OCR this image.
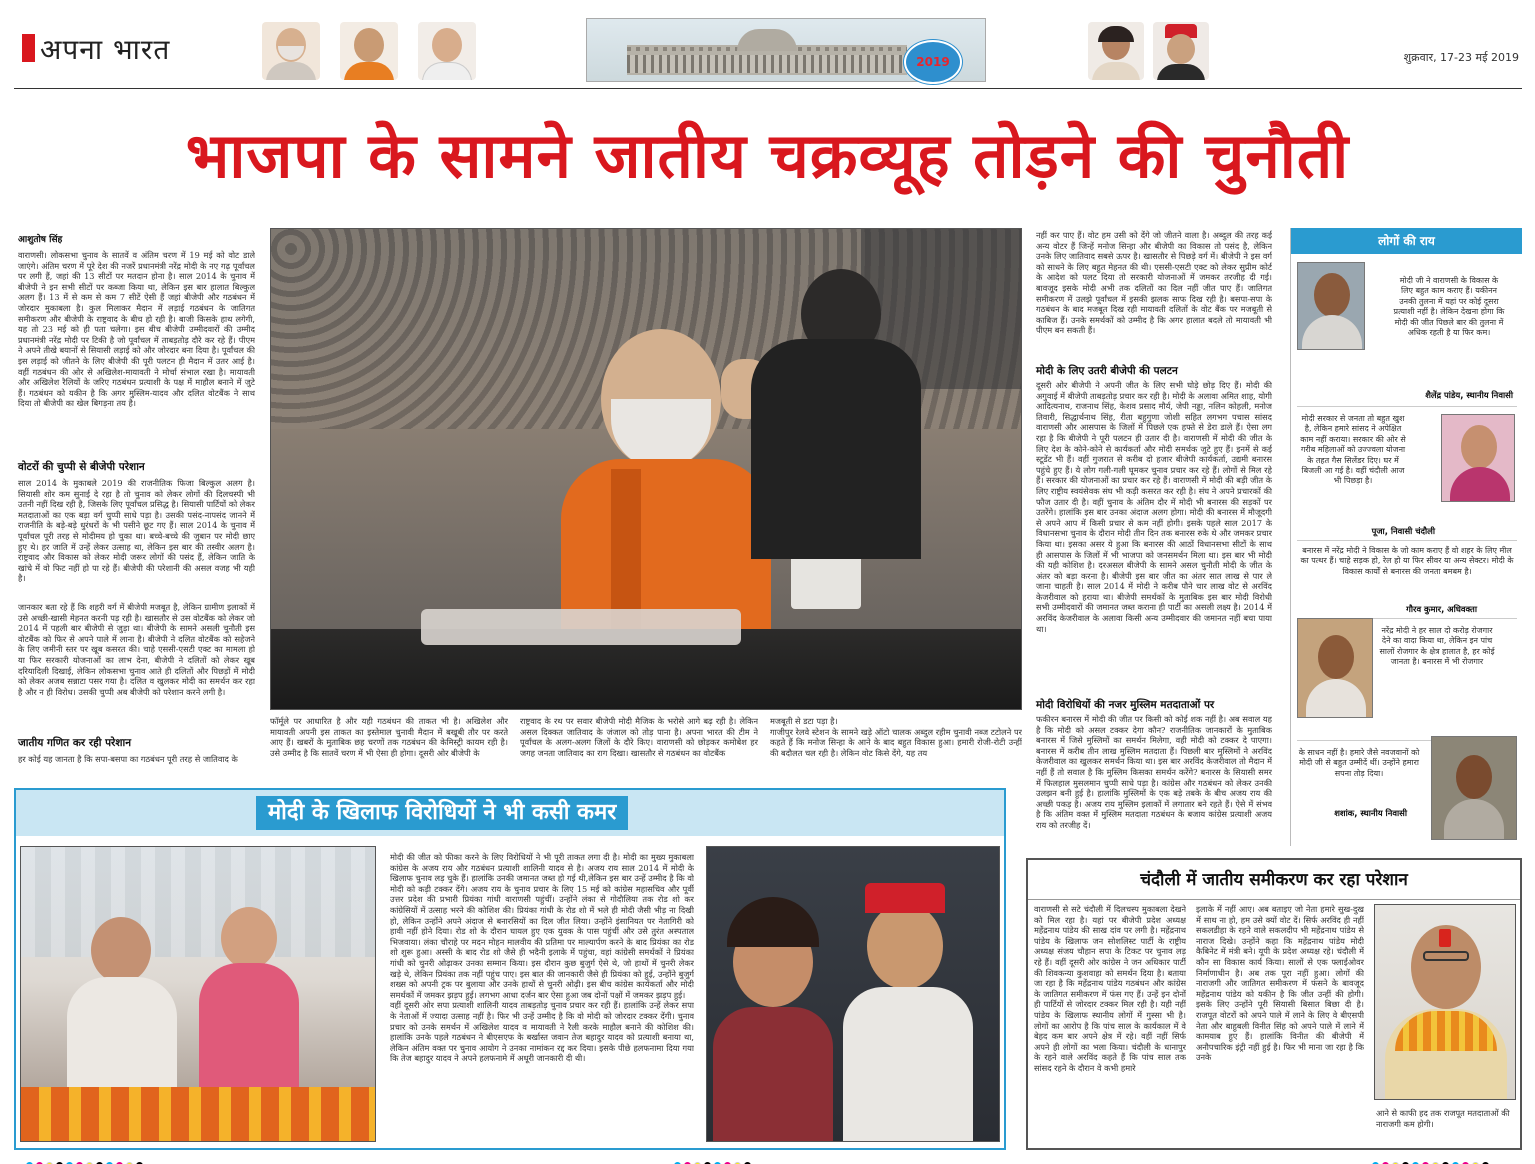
अपना भारत	2019	शुक्रवार, 17-23 मई 2019
भाजपा के सामने जातीय चक्रव्यूह तोड़ने की चुनौती
आशुतोष सिंह
वाराणसी। लोकसभा चुनाव के सातवें व अंतिम चरण में 19 मई को वोट डाले जाएंगे। अंतिम चरण में पूरे देश की नजरें प्रधानमंत्री नरेंद्र मोदी के नए गढ़ पूर्वांचल पर लगी हैं, जहां की 13 सीटों पर मतदान होना है। साल 2014 के चुनाव में बीजेपी ने इन सभी सीटों पर कब्जा किया था, लेकिन इस बार हालात बिल्कुल अलग हैं। 13 में से कम से कम 7 सीटें ऐसी हैं जहां बीजेपी और गठबंधन में जोरदार मुकाबला है। कुल मिलाकर मैदान में लड़ाई गठबंधन के जातिगत समीकरण और बीजेपी के राष्ट्रवाद के बीच हो रही है। बाजी किसके हाथ लगेगी, यह तो 23 मई को ही पता चलेगा। इस बीच बीजेपी उम्मीदवारों की उम्मीद प्रधानमंत्री नरेंद्र मोदी पर टिकी है जो पूर्वांचल में ताबड़तोड़ दौरे कर रहे हैं। पीएम ने अपने तीखे बयानों से सियासी लड़ाई को और जोरदार बना दिया है। पूर्वांचल की इस लड़ाई को जीतने के लिए बीजेपी की पूरी पलटन ही मैदान में उतर आई है। वहीं गठबंधन की ओर से अखिलेश-मायावती ने मोर्चा संभाल रखा है। मायावती और अखिलेश रैलियों के जरिए गठबंधन प्रत्याशी के पक्ष में माहौल बनाने में जुटे हैं। गठबंधन को यकीन है कि अगर मुस्लिम-यादव और दलित वोटबैंक ने साथ दिया तो बीजेपी का खेल बिगड़ना तय है।
वोटरों की चुप्पी से बीजेपी परेशान
साल 2014 के मुकाबले 2019 की राजनीतिक फिजा बिल्कुल अलग है। सियासी शोर कम सुनाई दे रहा है तो चुनाव को लेकर लोगों की दिलचस्पी भी उतनी नहीं दिख रही है, जिसके लिए पूर्वांचल प्रसिद्ध है। सियासी पार्टियों को लेकर मतदाताओं का एक बड़ा वर्ग चुप्पी साधे पड़ा है। उसकी पसंद-नापसंद जानने में राजनीति के बड़े-बड़े धुरंधरों के भी पसीने छूट गए हैं। साल 2014 के चुनाव में पूर्वांचल पूरी तरह से मोदीमय हो चुका था। बच्चे-बच्चे की जुबान पर मोदी छाए हुए थे। हर जाति में उन्हें लेकर उत्साह था, लेकिन इस बार की तस्वीर अलग है। राष्ट्रवाद और विकास को लेकर मोदी जरूर लोगों की पसंद हैं, लेकिन जाति के खांचे में वो फिट नहीं हो पा रहे हैं। बीजेपी की परेशानी की असल वजह भी यही है।
जानकार बता रहे हैं कि शहरी वर्ग में बीजेपी मजबूत है, लेकिन ग्रामीण इलाकों में उसे अच्छी-खासी मेहनत करनी पड़ रही है। खासतौर से उस वोटबैंक को लेकर जो 2014 में पहली बार बीजेपी से जुड़ा था। बीजेपी के सामने असली चुनौती इस वोटबैंक को फिर से अपने पाले में लाना है। बीजेपी ने दलित वोटबैंक को सहेजने के लिए जमीनी स्तर पर खूब कसरत की। चाहे एससी-एसटी एक्ट का मामला हो या फिर सरकारी योजनाओं का लाभ देना, बीजेपी ने दलितों को लेकर खूब दरियादिली दिखाई, लेकिन लोकसभा चुनाव आते ही दलितों और पिछड़ों में मोदी को लेकर अजब सन्नाटा पसर गया है। दलित व खुलकर मोदी का समर्थन कर रहा है और न ही विरोध। उसकी चुप्पी अब बीजेपी को परेशान करने लगी है।
जातीय गणित कर रही परेशान
हर कोई यह जानता है कि सपा-बसपा का गठबंधन पूरी तरह से जातिवाद के
फॉर्मूले पर आधारित है और यही गठबंधन की ताकत भी है। अखिलेश और मायावती अपनी इस ताकत का इस्तेमाल चुनावी मैदान में बखूबी तौर पर करते आए हैं। खबरों के मुताबिक छह चरणों तक गठबंधन की केमिस्ट्री कायम रही है। उसे उम्मीद है कि सातवें चरण में भी ऐसा ही होगा। दूसरी ओर बीजेपी के
राष्ट्रवाद के रथ पर सवार बीजेपी मोदी मैजिक के भरोसे आगे बढ़ रही है। लेकिन असल दिक्कत जातिवाद के जंजाल को तोड़ पाना है। अपना भारत की टीम ने पूर्वांचल के अलग-अलग जिलों के दौरे किए। वाराणसी को छोड़कर कमोबेश हर जगह जनता जातिवाद का राग दिखा। खासतौर से गठबंधन का वोटबैंक
मजबूती से डटा पड़ा है।
गाजीपुर रेलवे स्टेशन के सामने खड़े ऑटो चालक अब्दुल रहीम चुनावी नब्ज टटोलने पर कहते हैं कि मनोज सिन्हा के आने के बाद बहुत विकास हुआ। हमारी रोजी-रोटी उन्हीं की बदौलत चल रही है। लेकिन वोट किसे देंगे, यह तय
नहीं कर पाए हैं। वोट हम उसी को देंगे जो जीतने वाला है। अब्दुल की तरह कई अन्य वोटर हैं जिन्हें मनोज सिन्हा और बीजेपी का विकास तो पसंद है, लेकिन उनके लिए जातिवाद सबसे ऊपर है। खासतौर से पिछड़े वर्ग में। बीजेपी ने इस वर्ग को साधने के लिए बहुत मेहनत की थी। एससी-एसटी एक्ट को लेकर सुप्रीम कोर्ट के आदेश को पलट दिया तो सरकारी योजनाओं में जमकर तरजीह दी गई। बावजूद इसके मोदी अभी तक दलितों का दिल नहीं जीत पाए हैं। जातिगत समीकरण में उलझे पूर्वांचल में इसकी झलक साफ दिख रही है। बसपा-सपा के गठबंधन के बाद मजबूत दिख रही मायावती दलितों के वोट बैंक पर मजबूती से काबिज हैं। उनके समर्थकों को उम्मीद है कि अगर हालात बदले तो मायावती भी पीएम बन सकती हैं।
मोदी के लिए उतरी बीजेपी की पलटन
दूसरी ओर बीजेपी ने अपनी जीत के लिए सभी घोड़े छोड़ दिए हैं। मोदी की अगुवाई में बीजेपी ताबड़तोड़ प्रचार कर रही है। मोदी के अलावा अमित शाह, योगी आदित्यनाथ, राजनाथ सिंह, केशव प्रसाद मौर्य, जेपी नड्डा, नलिन कोहली, मनोज तिवारी, सिद्धार्थनाथ सिंह, रीता बहुगुणा जोशी सहित लगभग पचास सांसद वाराणसी और आसपास के जिलों में पिछले एक हफ्ते से डेरा डाले हैं। ऐसा लग रहा है कि बीजेपी ने पूरी पलटन ही उतार दी है। वाराणसी में मोदी की जीत के लिए देश के कोने-कोने से कार्यकर्ता और मोदी समर्थक जुटे हुए हैं। इनमें से कई स्टूडेंट भी हैं। वहीं गुजरात से करीब दो हजार बीजेपी कार्यकर्ता, उद्यमी बनारस पहुंचे हुए हैं। ये लोग गली-गली घूमकर चुनाव प्रचार कर रहे हैं। लोगों से मिल रहे हैं। सरकार की योजनाओं का प्रचार कर रहे हैं। वाराणसी में मोदी की बड़ी जीत के लिए राष्ट्रीय स्वयंसेवक संघ भी कड़ी कसरत कर रही है। संघ ने अपने प्रचारकों की फौज उतार दी है। वहीं चुनाव के अंतिम दौर में मोदी भी बनारस की सड़कों पर उतरेंगे। हालांकि इस बार उनका अंदाज अलग होगा। मोदी की बनारस में मौजूदगी से अपने आप में किसी प्रचार से कम नहीं होगी। इसके पहले साल 2017 के विधानसभा चुनाव के दौरान मोदी तीन दिन तक बनारस रुके थे और जमकर प्रचार किया था। इसका असर ये हुआ कि बनारस की आठों विधानसभा सीटों के साथ ही आसपास के जिलों में भी भाजपा को जनसमर्थन मिला था। इस बार भी मोदी की यही कोशिश है। दरअसल बीजेपी के सामने असल चुनौती मोदी के जीत के अंतर को बड़ा करना है। बीजेपी इस बार जीत का अंतर सात लाख से पार ले जाना चाहती है। साल 2014 में मोदी ने करीब पौने चार लाख वोट से अरविंद केजरीवाल को हराया था। बीजेपी समर्थकों के मुताबिक इस बार मोदी विरोधी सभी उम्मीदवारों की जमानत जब्त कराना ही पार्टी का असली लक्ष्य है। 2014 में अरविंद केजरीवाल के अलावा किसी अन्य उम्मीदवार की जमानत नहीं बचा पाया था।
मोदी विरोधियों की नजर मुस्लिम मतदाताओं पर
फकीरन बनारस में मोदी की जीत पर किसी को कोई शक नहीं है। अब सवाल यह है कि मोदी को असल टक्कर देगा कौन? राजनीतिक जानकारों के मुताबिक बनारस में जिसे मुस्लिमों का समर्थन मिलेगा, वही मोदी को टक्कर दे पाएगा। बनारस में करीब तीन लाख मुस्लिम मतदाता हैं। पिछली बार मुस्लिमों ने अरविंद केजरीवाल का खुलकर समर्थन किया था। इस बार अरविंद केजरीवाल तो मैदान में नहीं हैं तो सवाल है कि मुस्लिम किसका समर्थन करेंगे? बनारस के सियासी समर में फिलहाल मुसलमान चुप्पी साधे पड़ा है। कांग्रेस और गठबंधन को लेकर उनकी उलझन बनी हुई है। हालांकि मुस्लिमों के एक बड़े तबके के बीच अजय राय की अच्छी पकड़ है। अजय राय मुस्लिम इलाकों में लगातार बने रहते हैं। ऐसे में संभव है कि अंतिम वक्त में मुस्लिम मतदाता गठबंधन के बजाय कांग्रेस प्रत्याशी अजय राय को तरजीह दें।
लोगों की राय
मोदी जी ने वाराणसी के विकास के लिए बहुत काम कराए हैं। यकीनन उनकी तुलना में यहां पर कोई दूसरा प्रत्याशी नहीं है। लेकिन देखना होगा कि मोदी की जीत पिछले बार की तुलना में अधिक रहती है या फिर कम।
शैलेंद्र पांडेय, स्थानीय निवासी
मोदी सरकार से जनता तो बहुत खुश है, लेकिन हमारे सांसद ने अपेक्षित काम नहीं कराया। सरकार की ओर से गरीब महिलाओं को उज्ज्वला योजना के तहत गैस सिलेंडर दिए। घर में बिजली आ गई है। वहीं चंदौली आज भी पिछड़ा है।
पूजा, निवासी चंदौली
बनारस में नरेंद्र मोदी ने विकास के जो काम कराए हैं वो शहर के लिए मील का पत्थर हैं। चाहे सड़क हो, रेल हो या फिर सीवर या अन्य सेक्टर। मोदी के विकास कार्यों से बनारस की जनता बमबम है।
गौरव कुमार, अधिवक्ता
नरेंद्र मोदी ने हर साल दो करोड़ रोजगार देने का वादा किया था, लेकिन इन पांच सालों रोजगार के क्षेत्र हालात है, हर कोई जानता है। बनारस में भी रोजगार
के साधन नहीं है। हमारे जैसे नवजवानों को मोदी जी से बहुत उम्मीदें थीं। उन्होंने हमारा सपना तोड़ दिया।
शशांक, स्थानीय निवासी
मोदी के खिलाफ विरोधियों ने भी कसी कमर
मोदी की जीत को फीका करने के लिए विरोधियों ने भी पूरी ताकत लगा दी है। मोदी का मुख्य मुकाबला कांग्रेस के अजय राय और गठबंधन प्रत्याशी शालिनी यादव से है। अजय राय साल 2014 में मोदी के खिलाफ चुनाव लड़ चुके हैं। हालांकि उनकी जमानत जब्त हो गई थी,लेकिन इस बार उन्हें उम्मीद है कि वो मोदी को कड़ी टक्कर देंगे। अजय राय के चुनाव प्रचार के लिए 15 मई को कांग्रेस महासचिव और पूर्वी उत्तर प्रदेश की प्रभारी प्रियंका गांधी वाराणसी पहुंचीं। उन्होंने लंका से गोदौलिया तक रोड शो कर कांग्रेसियों में उत्साह भरने की कोशिश की। प्रियंका गांधी के रोड शो में भले ही मोदी जैसी भीड़ ना दिखी हो, लेकिन उन्होंने अपने अंदाज से बनारसियों का दिल जीत लिया। उन्होंने इंसानियत पर नेतागिरी को हावी नहीं होने दिया। रोड शो के दौरान घायल हुए एक युवक के पास पहुंचीं और उसे तुरंत अस्पताल भिजवाया। लंका चौराहे पर मदन मोहन मालवीय की प्रतिमा पर माल्यार्पण करने के बाद प्रियंका का रोड शो शुरू हुआ। अस्सी के बाद रोड शो जैसे ही भदैनी इलाके में पहुंचा, वहां कांग्रेसी समर्थकों ने प्रियंका गांधी को चुनरी ओढ़ाकर उनका सम्मान किया। इस दौरान कुछ बुजुर्ग ऐसे थे, जो हाथों में चुनरी लेकर खड़े थे, लेकिन प्रियंका तक नहीं पहुंच पाए। इस बात की जानकारी जैसे ही प्रियंका को हुई, उन्होंने बुजुर्ग शख्स को अपनी ट्रक पर बुलाया और उनके हाथों से चुनरी ओढ़ी। इस बीच कांग्रेस कार्यकर्ता और मोदी समर्थकों में जमकर झड़प हुई। लगभग आधा दर्जन बार ऐसा हुआ जब दोनों पक्षों में जमकर झड़प हुई।
वहीं दूसरी ओर सपा प्रत्याशी शालिनी यादव ताबड़तोड़ चुनाव प्रचार कर रही हैं। हालांकि उन्हें लेकर सपा के नेताओं में ज्यादा उत्साह नहीं है। फिर भी उन्हें उम्मीद है कि वो मोदी को जोरदार टक्कर देंगी। चुनाव प्रचार को उनके समर्थन में अखिलेश यादव व मायावती ने रैली करके माहौल बनाने की कोशिश की। हालांकि उनके पहले गठबंधन ने बीएसएफ के बर्खास्त जवान तेज बहादुर यादव को प्रत्याशी बनाया था, लेकिन अंतिम वक्त पर चुनाव आयोग ने उनका नामांकन रद्द कर दिया। इसके पीछे हलफनामा दिया गया कि तेज बहादुर यादव ने अपने हलफनामे में अधूरी जानकारी दी थी।
चंदौली में जातीय समीकरण कर रहा परेशान
वाराणसी से सटे चंदौली में दिलचस्प मुकाबला देखने को मिल रहा है। यहां पर बीजेपी प्रदेश अध्यक्ष महेंद्रनाथ पांडेय की साख दांव पर लगी है। महेंद्रनाथ पांडेय के खिलाफ जन सोशलिस्ट पार्टी के राष्ट्रीय अध्यक्ष संजय चौहान सपा के टिकट पर चुनाव लड़ रहे हैं। वहीं दूसरी ओर कांग्रेस ने जन अधिकार पार्टी की शिवकन्या कुशवाहा को समर्थन दिया है। बताया जा रहा है कि महेंद्रनाथ पांडेय गठबंधन और कांग्रेस के जातिगत समीकरण में फंस गए हैं। उन्हें इन दोनों ही पार्टियों से जोरदार टक्कर मिल रही है। यही नहीं पांडेय के खिलाफ स्थानीय लोगों में गुस्सा भी है। लोगों का आरोप है कि पांच साल के कार्यकाल में वे बेहद कम बार अपने क्षेत्र में रहे। वहीं नहीं सिर्फ अपने ही लोगों का भला किया। चंदौली के धानापुर के रहने वाले अरविंद कहते हैं कि पांच साल तक सांसद रहने के दौरान वे कभी हमारे
इलाके में नहीं आए। अब बताइए जो नेता हमारे सुख-दुख में साथ ना हो, हम उसे क्यों वोट दें। सिर्फ अरविंद ही नहीं सकलडीहा के रहने वाले सकलदीप भी महेंद्रनाथ पांडेय से नाराज दिखे। उन्होंने कहा कि महेंद्रनाथ पांडेय मोदी कैबिनेट में मंत्री बने। यूपी के प्रदेश अध्यक्ष रहे। चंदौली में कौन सा विकास कार्य किया। सालों से एक फ्लाईओवर निर्माणाधीन है। अब तक पूरा नहीं हुआ। लोगों की नाराजगी और जातिगत समीकरण में फंसने के बावजूद महेंद्रनाथ पांडेय को यकीन है कि जीत उन्हीं की होगी। इसके लिए उन्होंने पूरी सियासी बिसात बिछा दी है। राजपूत वोटरों को अपने पाले में लाने के लिए वे बीएसपी नेता और बाहुबली विनीत सिंह को अपने पाले में लाने में कामयाब हुए हैं। हालांकि विनीत की बीजेपी में अनौपचारिक इंट्री नहीं हुई है। फिर भी माना जा रहा है कि उनके
आने से काफी हद तक राजपूत मतदाताओं की नाराजगी कम होगी।
